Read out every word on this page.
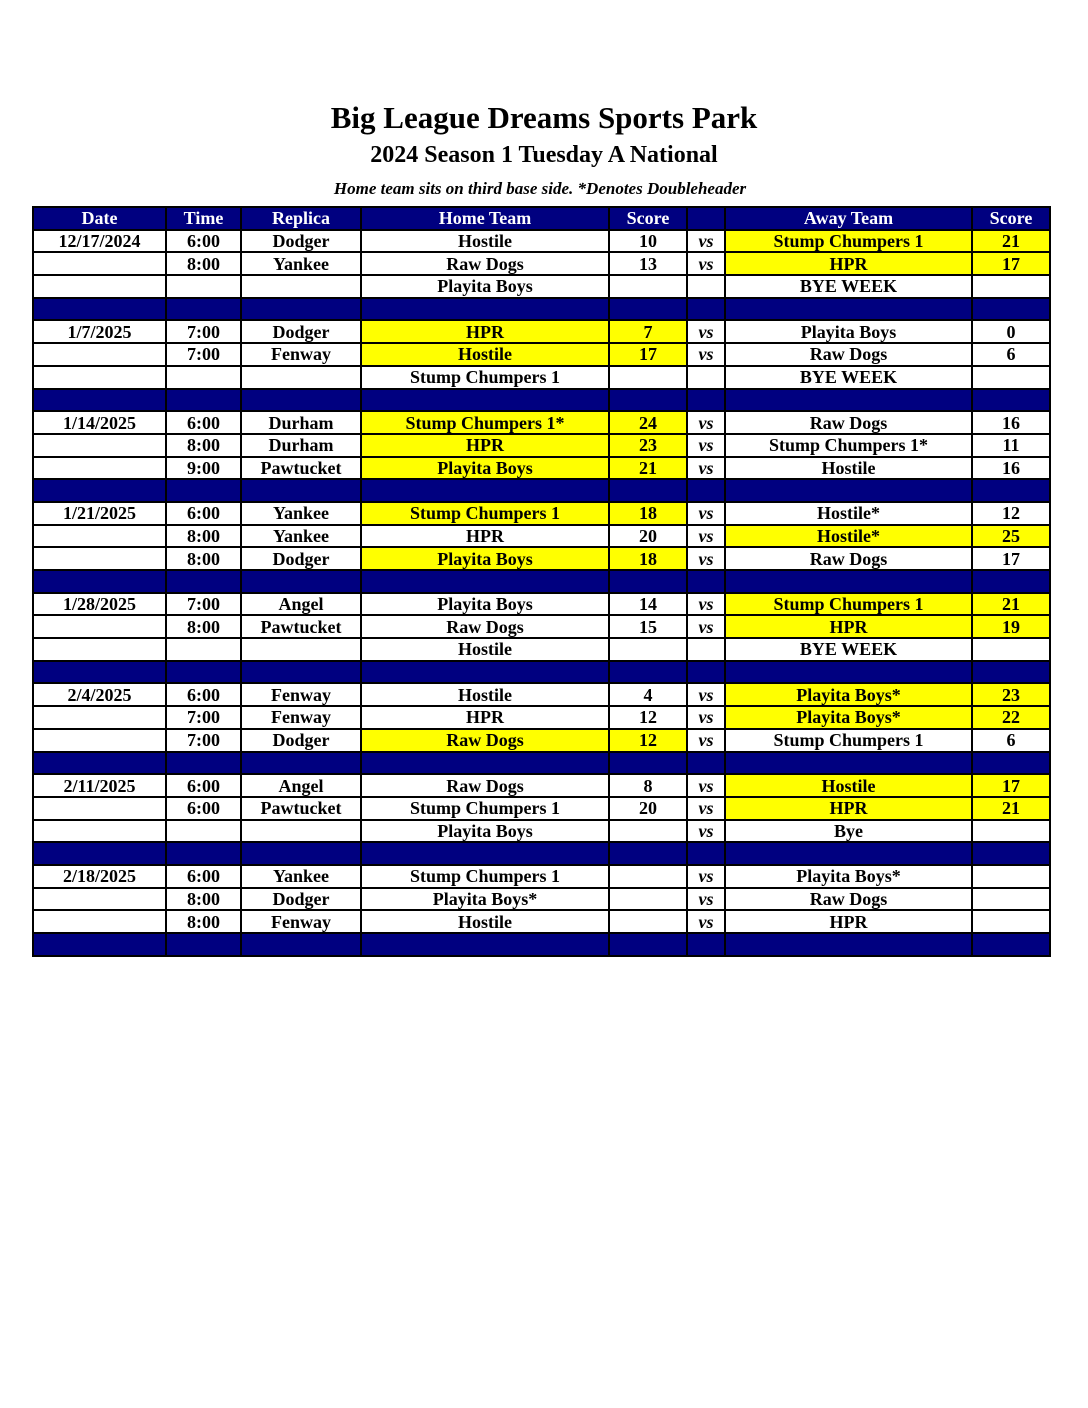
Big League Dreams Sports Park
2024 Season 1 Tuesday A National
Home team sits on third base side. *Denotes Doubleheader
Date	Time	Replica	Home Team	Score		Away Team	Score
12/17/2024	6:00	Dodger	Hostile	10	vs	Stump Chumpers 1	21
	8:00	Yankee	Raw Dogs	13	vs	HPR	17
			Playita Boys			BYE WEEK	

1/7/2025	7:00	Dodger	HPR	7	vs	Playita Boys	0
	7:00	Fenway	Hostile	17	vs	Raw Dogs	6
			Stump Chumpers 1			BYE WEEK	

1/14/2025	6:00	Durham	Stump Chumpers 1*	24	vs	Raw Dogs	16
	8:00	Durham	HPR	23	vs	Stump Chumpers 1*	11
	9:00	Pawtucket	Playita Boys	21	vs	Hostile	16

1/21/2025	6:00	Yankee	Stump Chumpers 1	18	vs	Hostile*	12
	8:00	Yankee	HPR	20	vs	Hostile*	25
	8:00	Dodger	Playita Boys	18	vs	Raw Dogs	17

1/28/2025	7:00	Angel	Playita Boys	14	vs	Stump Chumpers 1	21
	8:00	Pawtucket	Raw Dogs	15	vs	HPR	19
			Hostile			BYE WEEK	

2/4/2025	6:00	Fenway	Hostile	4	vs	Playita Boys*	23
	7:00	Fenway	HPR	12	vs	Playita Boys*	22
	7:00	Dodger	Raw Dogs	12	vs	Stump Chumpers 1	6

2/11/2025	6:00	Angel	Raw Dogs	8	vs	Hostile	17
	6:00	Pawtucket	Stump Chumpers 1	20	vs	HPR	21
			Playita Boys		vs	Bye	

2/18/2025	6:00	Yankee	Stump Chumpers 1		vs	Playita Boys*	
	8:00	Dodger	Playita Boys*		vs	Raw Dogs	
	8:00	Fenway	Hostile		vs	HPR	
